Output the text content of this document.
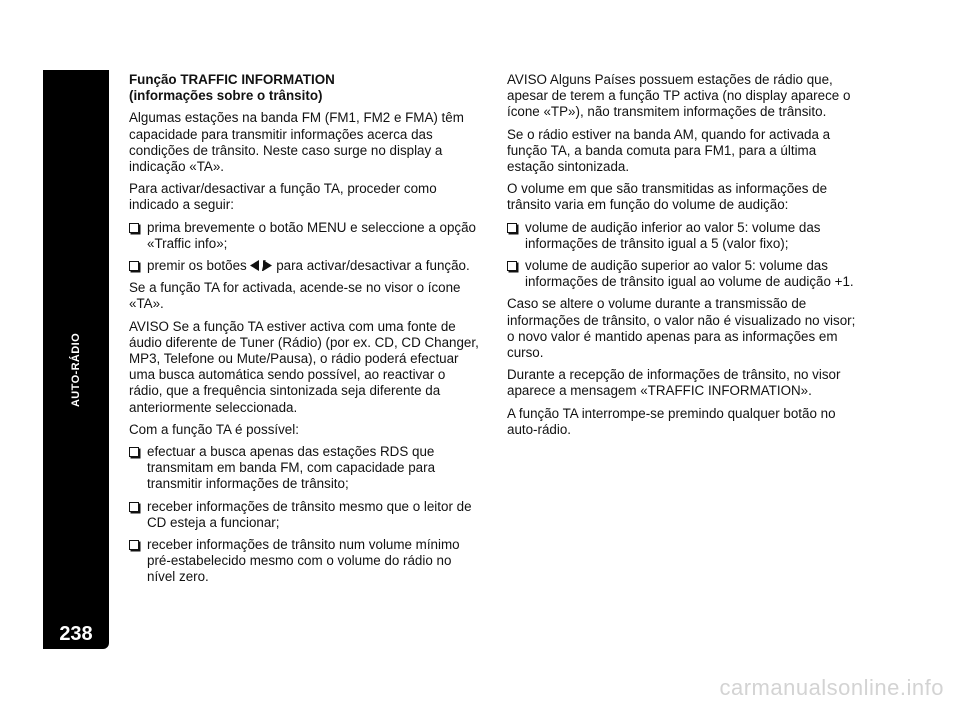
AUTO-RÁDIO
238
Função TRAFFIC INFORMATION
(informações sobre o trânsito)

Algumas estações na banda FM (FM1, FM2 e FMA) têm capacidade para transmitir informações acerca das condições de trânsito. Neste caso surge no display a indicação «TA».

Para activar/desactivar a função TA, proceder como indicado a seguir:

prima brevemente o botão MENU e seleccione a opção «Traffic info»;
premir os botões para activar/desactivar a função.

Se a função TA for activada, acende-se no visor o ícone «TA».

AVISO Se a função TA estiver activa com uma fonte de áudio diferente de Tuner (Rádio) (por ex. CD, CD Changer, MP3, Telefone ou Mute/Pausa), o rádio poderá efectuar uma busca automática sendo possível, ao reactivar o rádio, que a frequência sintonizada seja diferente da anteriormente seleccionada.

Com a função TA é possível:

efectuar a busca apenas das estações RDS que transmitam em banda FM, com capacidade para transmitir informações de trânsito;
receber informações de trânsito mesmo que o leitor de CD esteja a funcionar;
receber informações de trânsito num volume mínimo pré-estabelecido mesmo com o volume do rádio no nível zero.

AVISO Alguns Países possuem estações de rádio que, apesar de terem a função TP activa (no display aparece o ícone «TP»), não transmitem informações de trânsito.

Se o rádio estiver na banda AM, quando for activada a função TA, a banda comuta para FM1, para a última estação sintonizada.

O volume em que são transmitidas as informações de trânsito varia em função do volume de audição:

volume de audição inferior ao valor 5: volume das informações de trânsito igual a 5 (valor fixo);
volume de audição superior ao valor 5: volume das informações de trânsito igual ao volume de audição +1.

Caso se altere o volume durante a transmissão de informações de trânsito, o valor não é visualizado no visor; o novo valor é mantido apenas para as informações em curso.

Durante a recepção de informações de trânsito, no visor aparece a mensagem «TRAFFIC INFORMATION».

A função TA interrompe-se premindo qualquer botão no auto-rádio.

carmanualsonline.info
